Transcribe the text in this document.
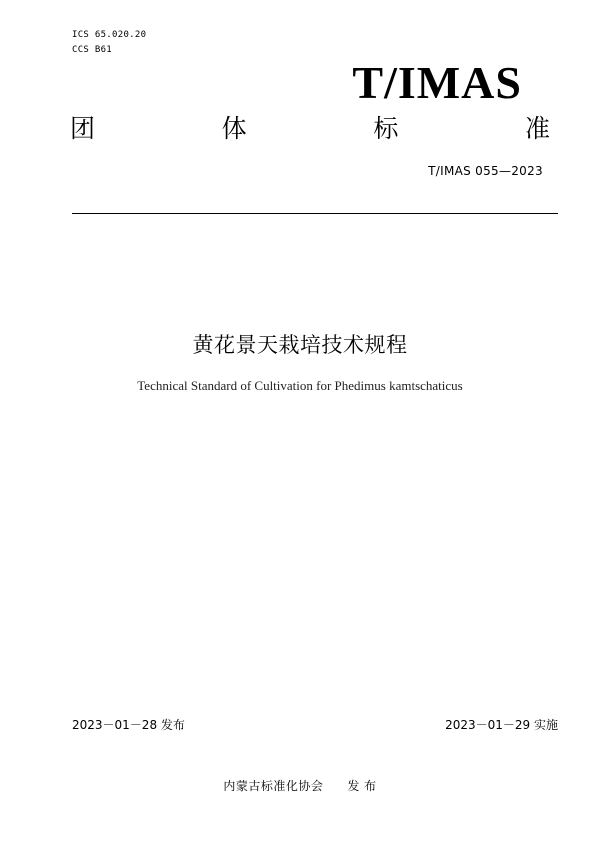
ICS 65.020.20
CCS B61
T/IMAS
团	体	标	准
T/IMAS 055—2023
黄花景天栽培技术规程
Technical Standard of Cultivation for Phedimus kamtschaticus
2023－01－28 发布	2023－01－29 实施
内蒙古标准化协会 发 布
